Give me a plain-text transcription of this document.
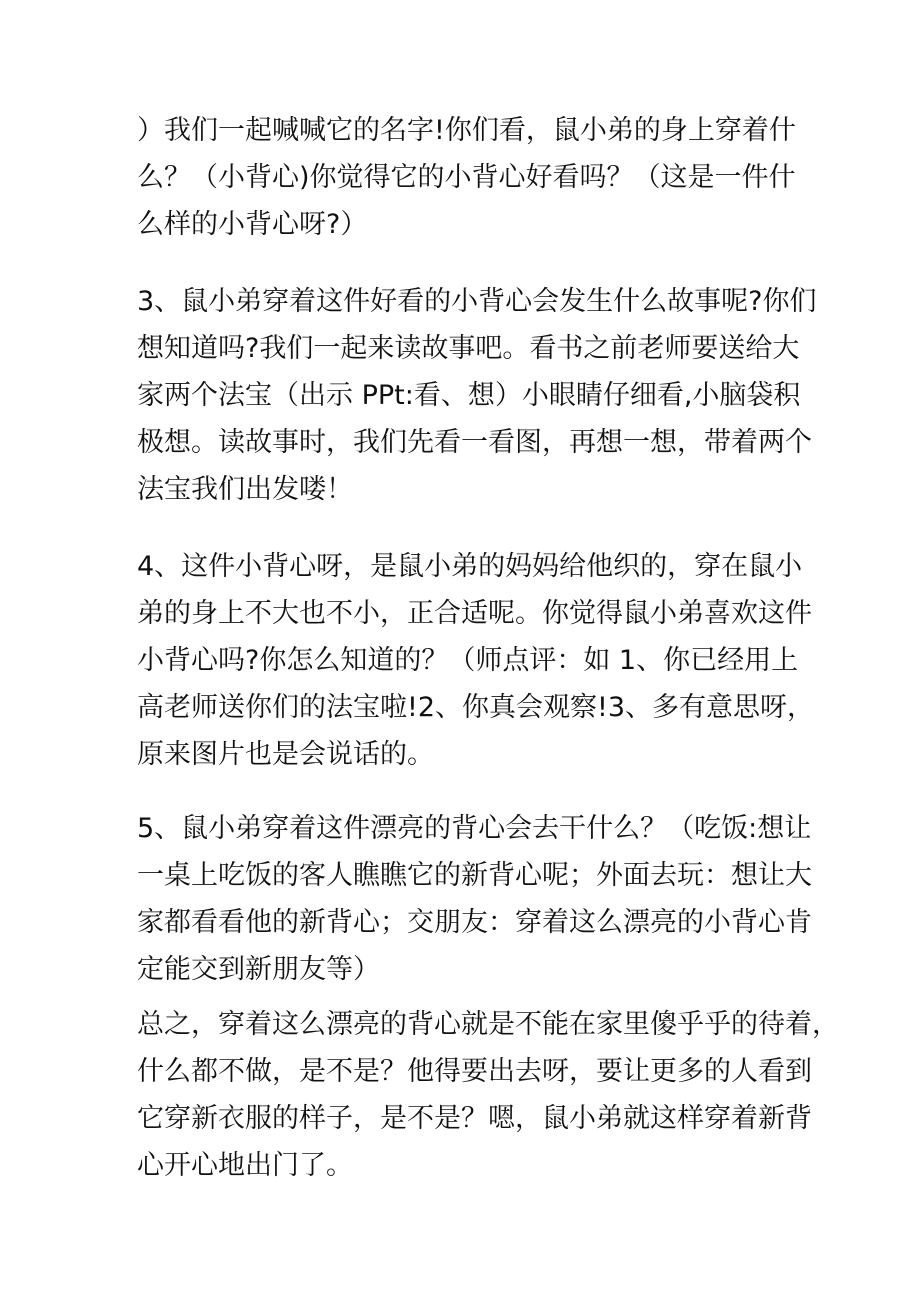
）我们一起喊喊它的名字!你们看，鼠小弟的身上穿着什
么？（小背心)你觉得它的小背心好看吗？（这是一件什
么样的小背心呀?）
3、鼠小弟穿着这件好看的小背心会发生什么故事呢?你们
想知道吗?我们一起来读故事吧。看书之前老师要送给大
家两个法宝（出示 PPt:看、想）小眼睛仔细看,小脑袋积
极想。读故事时，我们先看一看图，再想一想，带着两个
法宝我们出发喽！
4、这件小背心呀，是鼠小弟的妈妈给他织的，穿在鼠小
弟的身上不大也不小，正合适呢。你觉得鼠小弟喜欢这件
小背心吗?你怎么知道的？（师点评：如 1、你已经用上
高老师送你们的法宝啦!2、你真会观察!3、多有意思呀，
原来图片也是会说话的。
5、鼠小弟穿着这件漂亮的背心会去干什么？（吃饭:想让
一桌上吃饭的客人瞧瞧它的新背心呢；外面去玩：想让大
家都看看他的新背心；交朋友：穿着这么漂亮的小背心肯
定能交到新朋友等）
总之，穿着这么漂亮的背心就是不能在家里傻乎乎的待着，
什么都不做，是不是？他得要出去呀，要让更多的人看到
它穿新衣服的样子，是不是？嗯，鼠小弟就这样穿着新背
心开心地出门了。
